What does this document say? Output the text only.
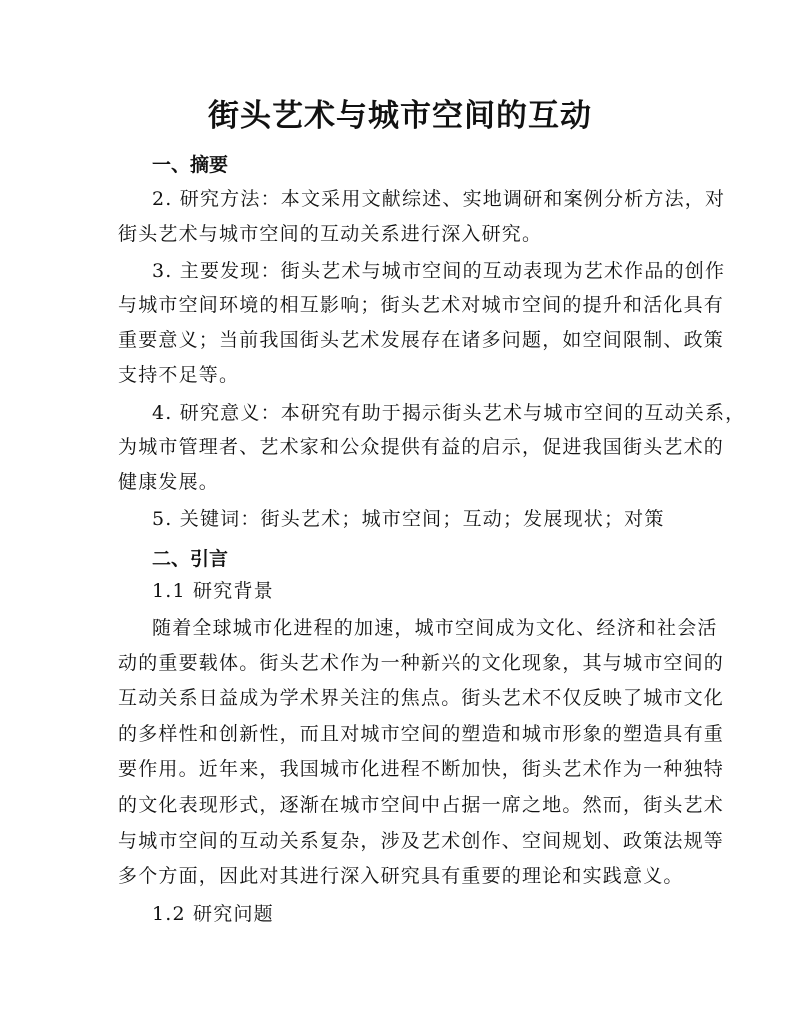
街头艺术与城市空间的互动
一、摘要
2. 研究方法：本文采用文献综述、实地调研和案例分析方法，对
街头艺术与城市空间的互动关系进行深入研究。
3. 主要发现：街头艺术与城市空间的互动表现为艺术作品的创作
与城市空间环境的相互影响；街头艺术对城市空间的提升和活化具有
重要意义；当前我国街头艺术发展存在诸多问题，如空间限制、政策
支持不足等。
4. 研究意义：本研究有助于揭示街头艺术与城市空间的互动关系，
为城市管理者、艺术家和公众提供有益的启示，促进我国街头艺术的
健康发展。
5. 关键词：街头艺术；城市空间；互动；发展现状；对策
二、引言
1.1 研究背景
随着全球城市化进程的加速，城市空间成为文化、经济和社会活
动的重要载体。街头艺术作为一种新兴的文化现象，其与城市空间的
互动关系日益成为学术界关注的焦点。街头艺术不仅反映了城市文化
的多样性和创新性，而且对城市空间的塑造和城市形象的塑造具有重
要作用。近年来，我国城市化进程不断加快，街头艺术作为一种独特
的文化表现形式，逐渐在城市空间中占据一席之地。然而，街头艺术
与城市空间的互动关系复杂，涉及艺术创作、空间规划、政策法规等
多个方面，因此对其进行深入研究具有重要的理论和实践意义。
1.2 研究问题
